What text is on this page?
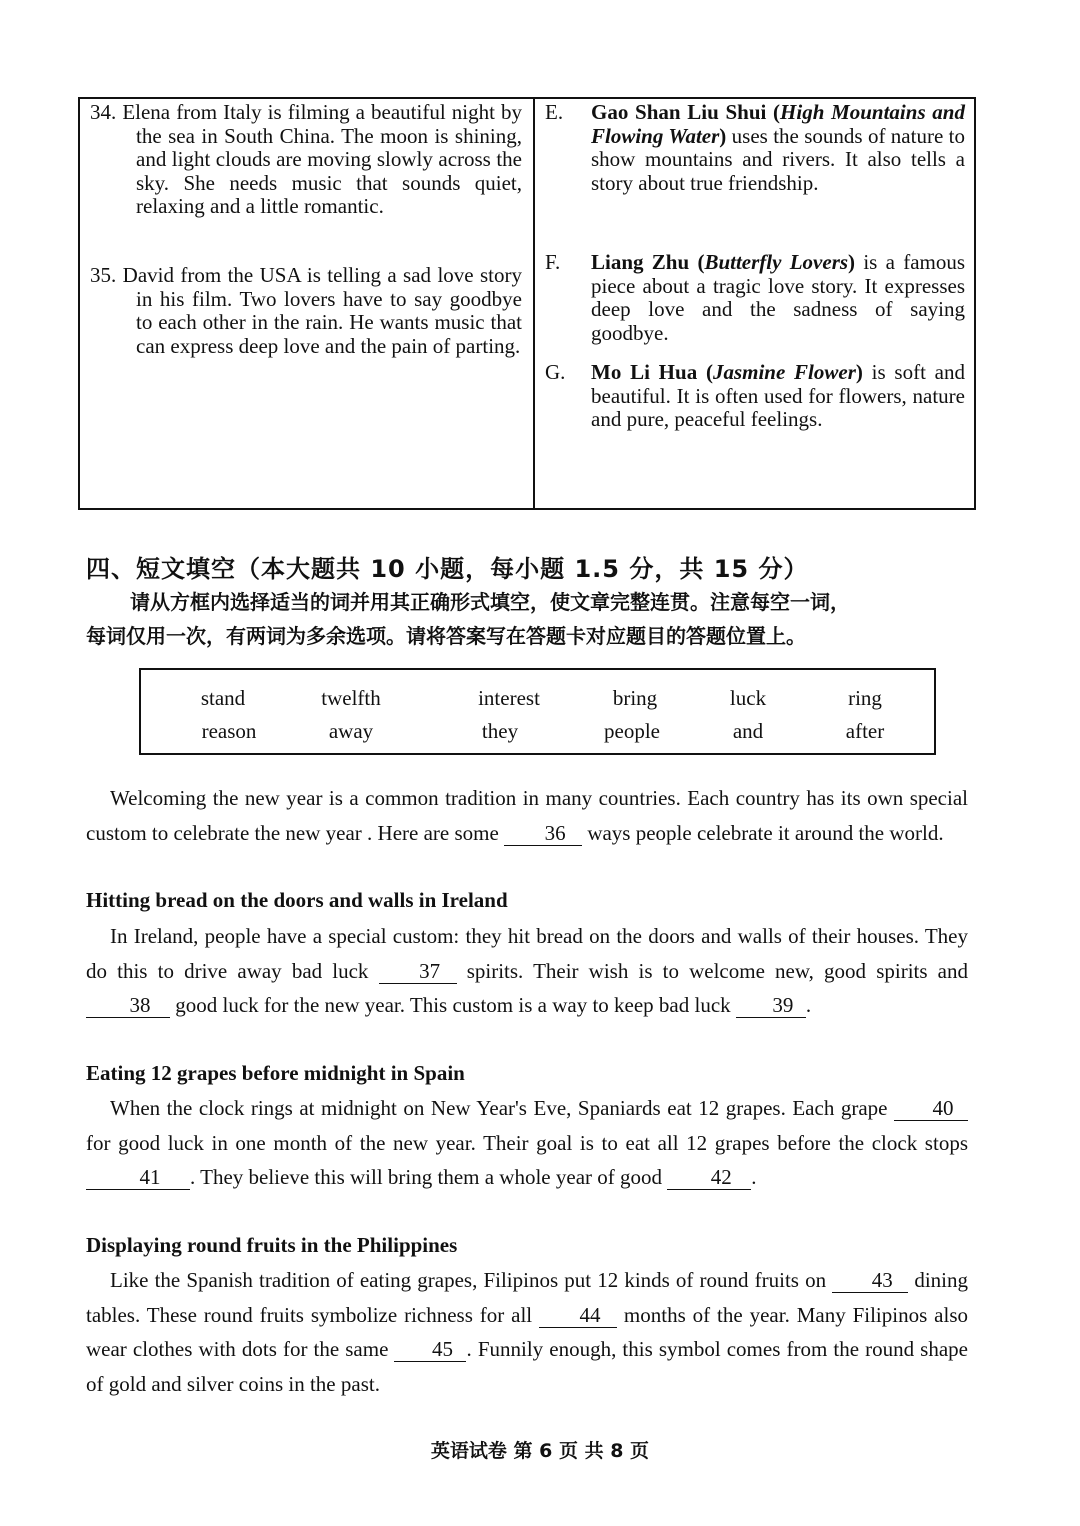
34. Elena from Italy is filming a beautiful night by the sea in South China. The moon is shining, and light clouds are moving slowly across the sky. She needs music that sounds quiet, relaxing and a little romantic.
35. David from the USA is telling a sad love story in his film. Two lovers have to say goodbye to each other in the rain. He wants music that can express deep love and the pain of parting.
E.	Gao Shan Liu Shui (High Mountains and Flowing Water) uses the sounds of nature to show mountains and rivers. It also tells a story about true friendship.
F.	Liang Zhu (Butterfly Lovers) is a famous piece about a tragic love story. It expresses deep love and the sadness of saying goodbye.
G.	Mo Li Hua (Jasmine Flower) is soft and beautiful. It is often used for flowers, nature and pure, peaceful feelings.
四、短文填空（本大题共 10 小题，每小题 1.5 分，共 15 分）
请从方框内选择适当的词并用其正确形式填空，使文章完整连贯。注意每空一词，
每词仅用一次，有两词为多余选项。请将答案写在答题卡对应题目的答题位置上。
stand	twelfth	interest	bring	luck	ring
reason	away	they	people	and	after
Welcoming the new year is a common tradition in many countries. Each country has its own special custom to celebrate the new year . Here are some 36 ways people celebrate it around the world.
Hitting bread on the doors and walls in Ireland
In Ireland, people have a special custom: they hit bread on the doors and walls of their houses. They do this to drive away bad luck 37 spirits. Their wish is to welcome new, good spirits and 38 good luck for the new year. This custom is a way to keep bad luck 39 .
Eating 12 grapes before midnight in Spain
When the clock rings at midnight on New Year's Eve, Spaniards eat 12 grapes. Each grape 40 for good luck in one month of the new year. Their goal is to eat all 12 grapes before the clock stops41 . They believe this will bring them a whole year of good 42 .
Displaying round fruits in the Philippines
Like the Spanish tradition of eating grapes, Filipinos put 12 kinds of round fruits on 43 dining tables. These round fruits symbolize richness for all 44 months of the year. Many Filipinos also wear clothes with dots for the same 45 . Funnily enough, this symbol comes from the round shape of gold and silver coins in the past.
英语试卷 第 6 页 共 8 页
